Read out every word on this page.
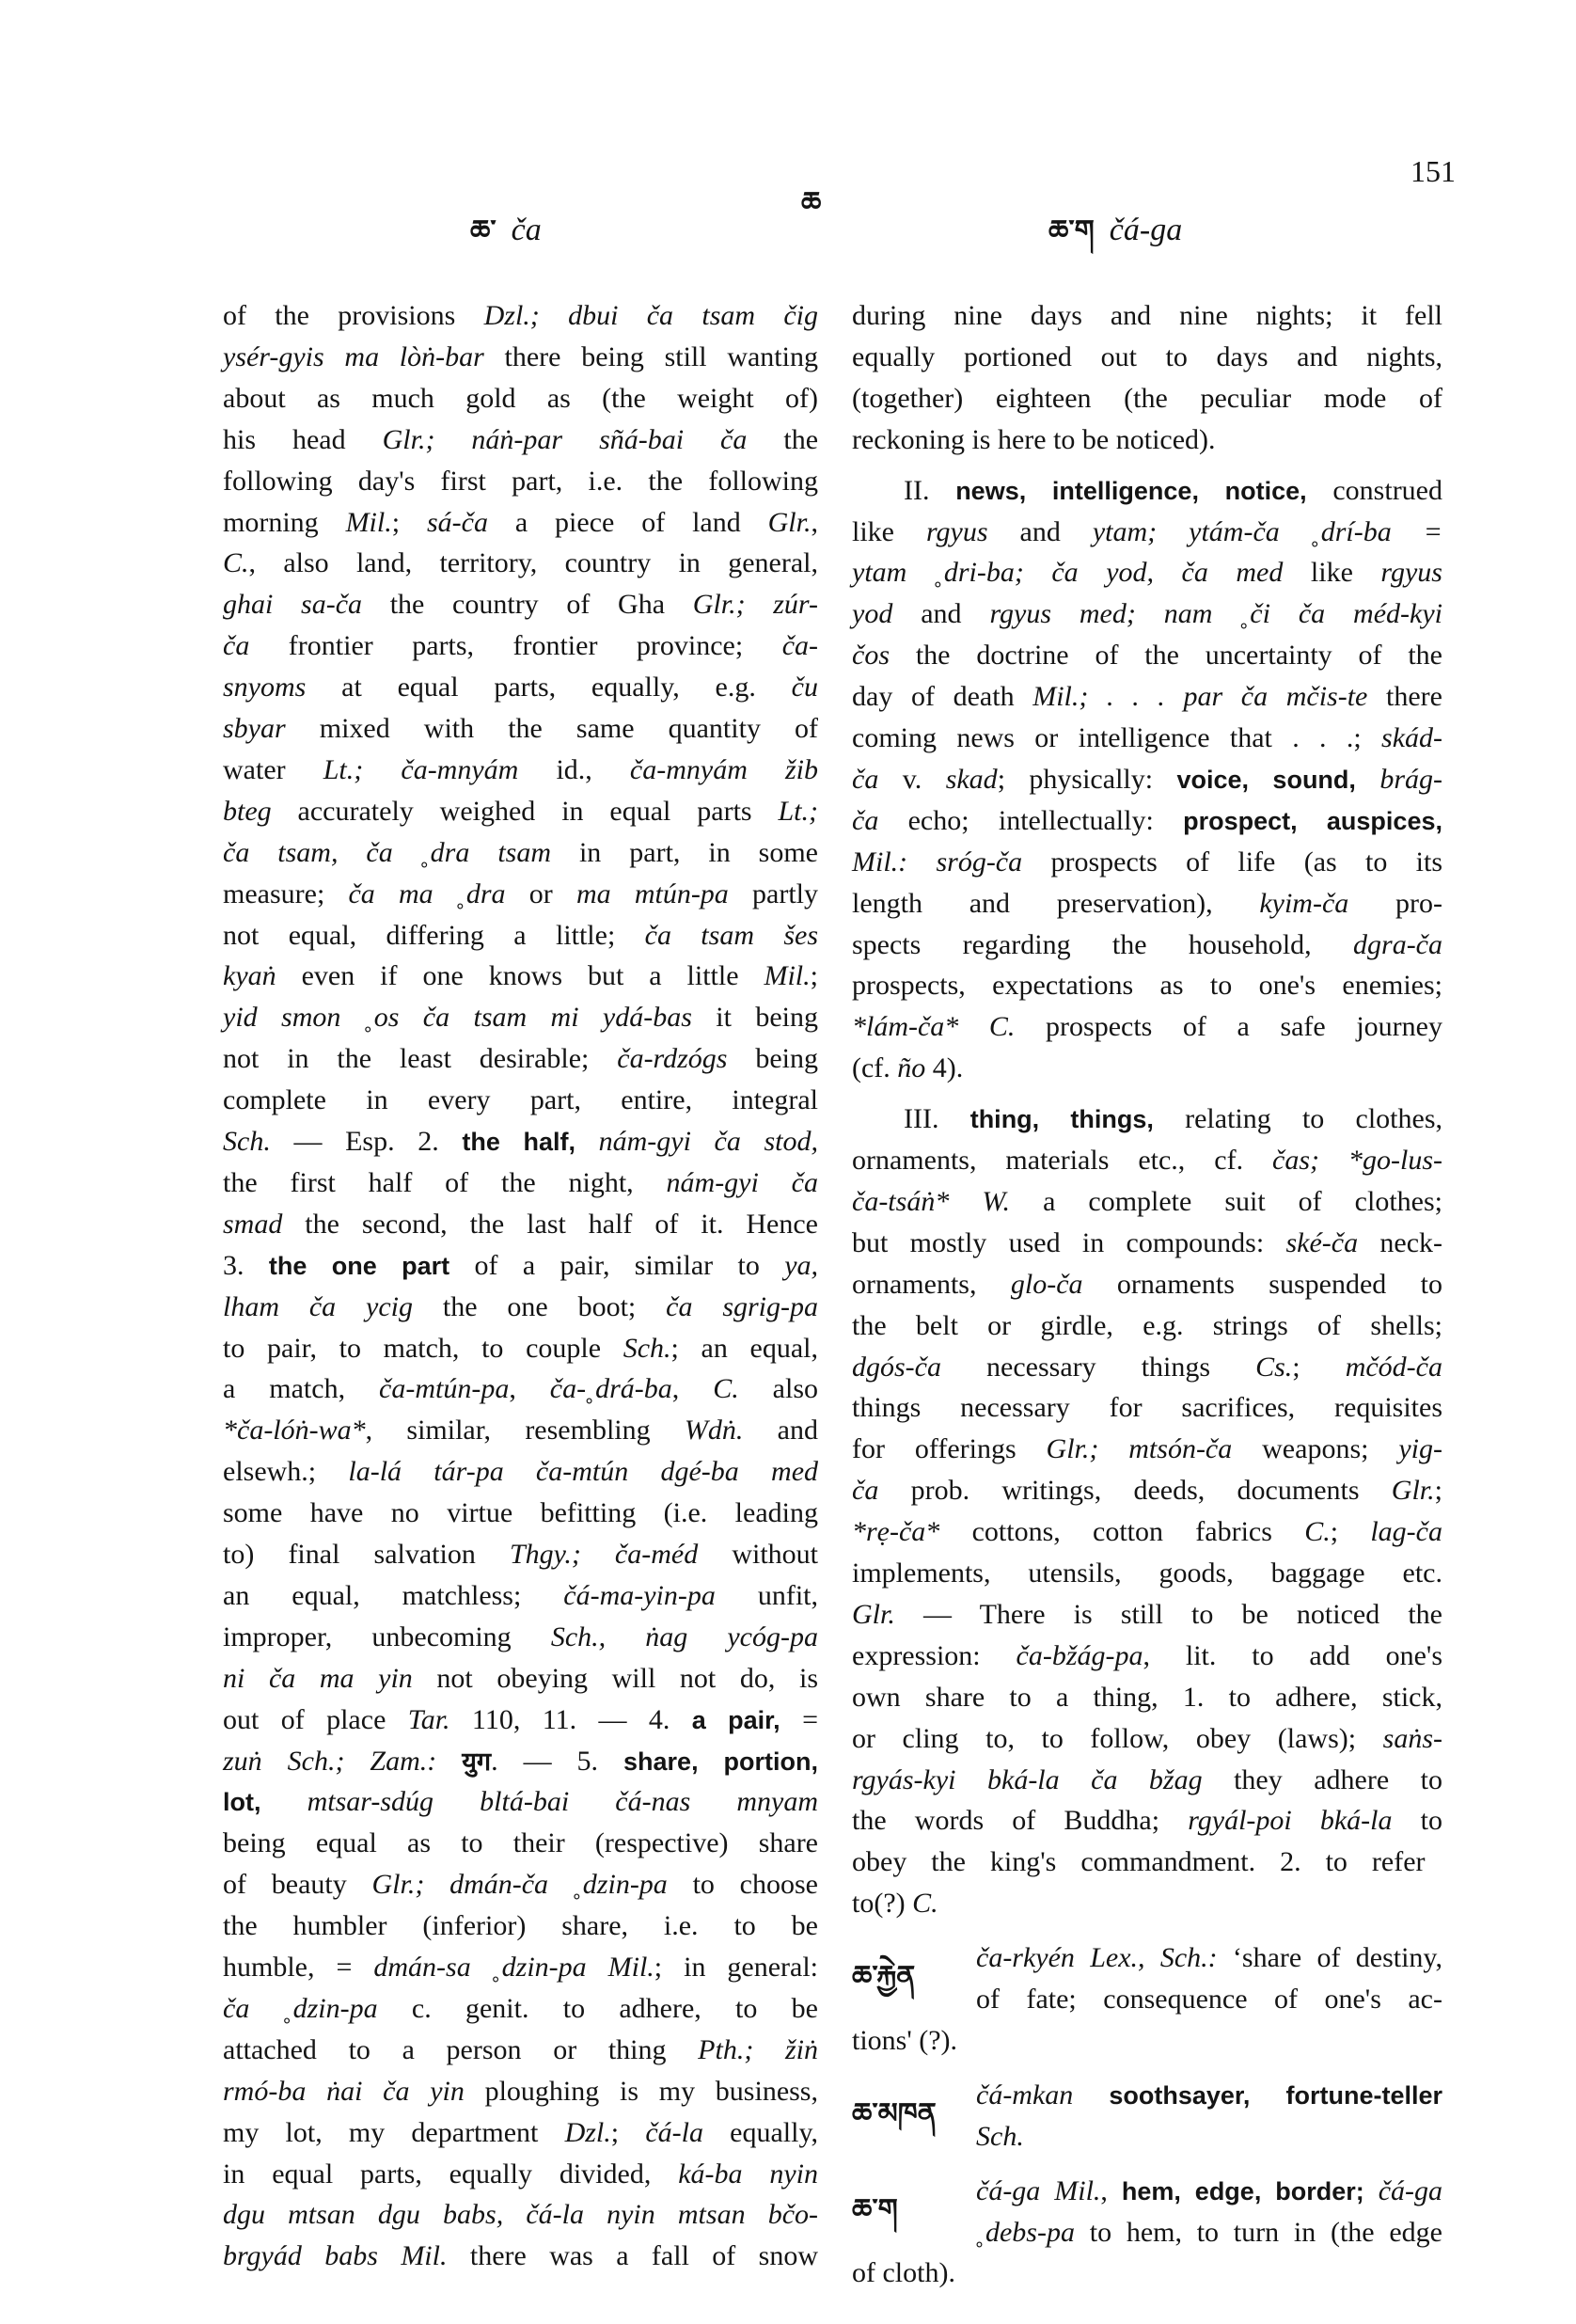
ཆ་ ča
ཆ
ཆ་ག čá-ga
151
of the provisions Dzl.; dbui ča tsam čig
ysér-gyis ma lòṅ-bar there being still wanting
about as much gold as (the weight of)
his head Glr.; náṅ-par sñá-bai ča the
following day's first part, i.e. the following
morning Mil.; sá-ča a piece of land Glr.,
C., also land, territory, country in general,
ghai sa-ča the country of Gha Glr.; zúr-
ča frontier parts, frontier province; ča-
snyoms at equal parts, equally, e.g. ču
sbyar mixed with the same quantity of
water Lt.; ča-mnyám id., ča-mnyám žib
bteg accurately weighed in equal parts Lt.;
ča tsam, ča ˳dra tsam in part, in some
measure; ča ma ˳dra or ma mtún-pa partly
not equal, differing a little; ča tsam šes
kyaṅ even if one knows but a little Mil.;
yid smon ˳os ča tsam mi ydá-bas it being
not in the least desirable; ča-rdzógs being
complete in every part, entire, integral
Sch. — Esp. 2. the half, nám-gyi ča stod,
the first half of the night, nám-gyi ča
smad the second, the last half of it. Hence
3. the one part of a pair, similar to ya,
lham ča ycig the one boot; ča sgrig-pa
to pair, to match, to couple Sch.; an equal,
a match, ča-mtún-pa, ča-˳drá-ba, C. also
*ča-lóṅ-wa*, similar, resembling Wdṅ. and
elsewh.; la-lá tár-pa ča-mtún dgé-ba med
some have no virtue befitting (i.e. leading
to) final salvation Thgy.; ča-méd without
an equal, matchless; čá-ma-yin-pa unfit,
improper, unbecoming Sch., ṅag ycóg-pa
ni ča ma yin not obeying will not do, is
out of place Tar. 110, 11. — 4. a pair, =
zuṅ Sch.; Zam.: युग. — 5. share, portion,
lot, mtsar-sdúg bltá-bai čá-nas mnyam
being equal as to their (respective) share
of beauty Glr.; dmán-ča ˳dzin-pa to choose
the humbler (inferior) share, i.e. to be
humble, = dmán-sa ˳dzin-pa Mil.; in general:
ča ˳dzin-pa c. genit. to adhere, to be
attached to a person or thing Pth.; žiṅ
rmó-ba ṅai ča yin ploughing is my business,
my lot, my department Dzl.; čá-la equally,
in equal parts, equally divided, ká-ba nyin
dgu mtsan dgu babs, čá-la nyin mtsan bčo-
brgyád babs Mil. there was a fall of snow
during nine days and nine nights; it fell
equally portioned out to days and nights,
(together) eighteen (the peculiar mode of
reckoning is here to be noticed).
II. news, intelligence, notice, construed
like rgyus and ytam; ytám-ča ˳drí-ba =
ytam ˳dri-ba; ča yod, ča med like rgyus
yod and rgyus med; nam ˳či ča méd-kyi
čos the doctrine of the uncertainty of the
day of death Mil.; . . . par ča mčis-te there
coming news or intelligence that . . .; skád-
ča v. skad; physically: voice, sound, brág-
ča echo; intellectually: prospect, auspices,
Mil.: sróg-ča prospects of life (as to its
length and preservation), kyim-ča pro-
spects regarding the household, dgra-ča
prospects, expectations as to one's enemies;
*lám-ča* C. prospects of a safe journey
(cf. ño 4).
III. thing, things, relating to clothes,
ornaments, materials etc., cf. čas; *go-lus-
ča-tsáṅ* W. a complete suit of clothes;
but mostly used in compounds: ské-ča neck-
ornaments, glo-ča ornaments suspended to
the belt or girdle, e.g. strings of shells;
dgós-ča necessary things Cs.; mčód-ča
things necessary for sacrifices, requisites
for offerings Glr.; mtsón-ča weapons; yig-
ča prob. writings, deeds, documents Glr.;
*rẹ-ča* cottons, cotton fabrics C.; lag-ča
implements, utensils, goods, baggage etc.
Glr. — There is still to be noticed the
expression: ča-bžág-pa, lit. to add one's
own share to a thing, 1. to adhere, stick,
or cling to, to follow, obey (laws); saṅs-
rgyás-kyi bká-la ča bžag they adhere to
the words of Buddha; rgyál-poi bká-la to
obey the king's commandment. 2. to refer
to(?) C.
ča-rkyén Lex., Sch.: ‘share of destiny,
ཆ་རྐྱེན
of fate; consequence of one's ac-
tions' (?).
čá-mkan soothsayer, fortune-teller
ཆ་མཁན
Sch.
čá-ga Mil., hem, edge, border; čá-ga
ཆ་ག
˳debs-pa to hem, to turn in (the edge
of cloth).
